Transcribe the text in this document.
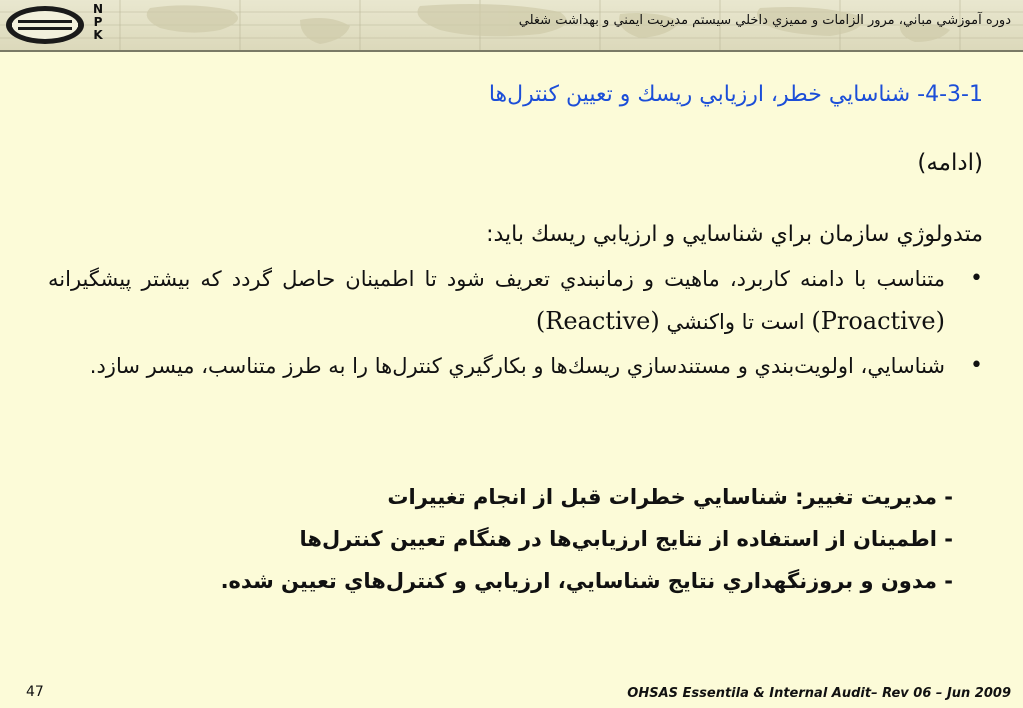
N
P
K
دوره آموزشي مباني، مرور الزامات و مميزي داخلي سيستم مديريت ايمني و بهداشت شغلي
4-3-1- شناسايي خطر، ارزيابي ريسك و تعيين كنترل‌ها
(ادامه)
متدولوژي سازمان براي شناسايي و ارزيابي ريسك بايد:
•
متناسب با دامنه كاربرد، ماهيت و زمانبندي تعريف شود تا اطمينان حاصل گردد كه بيشتر پيشگيرانه (Proactive) است تا واكنشي (Reactive)
•
شناسايي، اولويت‌بندي و مستندسازي ريسك‌ها و بكارگيري كنترل‌ها را به طرز متناسب، ميسر سازد.
- مديريت تغيير: شناسايي خطرات قبل از انجام تغييرات
- اطمينان از استفاده از نتايج ارزيابي‌ها در هنگام تعيين كنترل‌ها
- مدون و بروزنگهداري نتايج شناسايي، ارزيابي و كنترل‌هاي تعيين شده.
47	OHSAS Essentila & Internal Audit– Rev 06 – Jun 2009
